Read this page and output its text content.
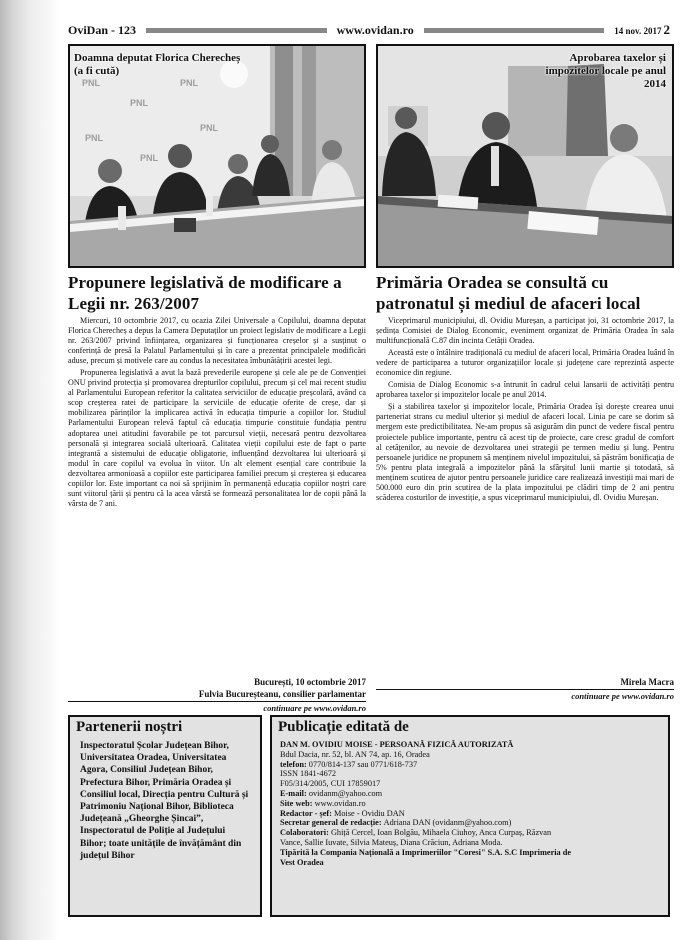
OviDan - 123	www.ovidan.ro	14 nov. 2017 2
PNL
PNL
PNL
PNL
PNL
PNL
Doamna deputat Florica Cherecheș (a fi cută)
Propunere legislativă de modificare a Legii nr. 263/2007

Miercuri, 10 octombrie 2017, cu ocazia Zilei Universale a Copilului, doamna deputat Florica Cherecheș a depus la Camera Deputaților un proiect legislativ de modificare a Legii nr. 263/2007 privind înființarea, organizarea și funcționarea creșelor și a susținut o conferință de presă la Palatul Parlamentului și în care a prezentat principalele modificări aduse, precum și motivele care au condus la necesitatea îmbunătățirii acestei legi.

Propunerea legislativă a avut la bază prevederile europene și cele ale pe de Convenției ONU privind protecția și promovarea drepturilor copilului, precum și cel mai recent studiu al Parlamentului European referitor la calitatea serviciilor de educație preșcolară, având ca scop creșterea ratei de participare la serviciile de educație oferite de creșe, dar și mobilizarea părinților la implicarea activă în educația timpurie a copiilor lor. Studiul Parlamentului European relevă faptul că educația timpurie constituie fundația pentru adoptarea unei atitudini favorabile pe tot parcursul vieții, necesară pentru dezvoltarea personală și integrarea socială ulterioară. Calitatea vieții copilului este de fapt o parte integrantă a sistemului de educație obligatorie, influențând dezvoltarea lui ulterioară și modul în care copilul va evolua în viitor. Un alt element esențial care contribuie la dezvoltarea armonioasă a copiilor este participarea familiei precum și creșterea și educarea copiilor lor. Este important ca noi să sprijinim în permanență educația copiilor noștri care sunt viitorul țării și pentru că la acea vârstă se formează personalitatea lor de copii până la vârsta de 7 ani.

București, 10 octombrie 2017
Fulvia Bucureșteanu, consilier parlamentar
continuare pe www.ovidan.ro
Aprobarea taxelor și impozitelor locale pe anul 2014
Primăria Oradea se consultă cu patronatul și mediul de afaceri local

Viceprimarul municipiului, dl. Ovidiu Mureșan, a participat joi, 31 octombrie 2017, la ședința Comisiei de Dialog Economic, eveniment organizat de Primăria Oradea în sala multifuncțională C.87 din incinta Cetății Oradea.

Această este o întâlnire tradițională cu mediul de afaceri local, Primăria Oradea luând în vedere de participarea a tuturor organizațiilor locale și județene care reprezintă aspecte economice din regiune.

Comisia de Dialog Economic s-a întrunit în cadrul celui lansarii de activități pentru aprobarea taxelor și impozitelor locale pe anul 2014.

Și a stabilirea taxelor și impozitelor locale, Primăria Oradea își dorește crearea unui parteneriat strans cu mediul ulterior și mediul de afaceri local. Linia pe care se dorim să mergem este predictibilitatea. Ne-am propus să asigurăm din punct de vedere fiscal pentru proiectele publice importante, pentru că acest tip de proiecte, care cresc gradul de comfort al cetățenilor, au nevoie de dezvoltarea unei strategii pe termen mediu și lung. Pentru persoanele juridice ne propunem să menținem nivelul impozitului, să păstrăm bonificația de 5% pentru plata integrală a impozitelor până la sfârșitul lunii martie și totodată, să menținem scutirea de ajutor pentru persoanele juridice care realizează investiții mai mari de 500.000 euro din prin scutirea de la plata impozitului pe clădiri timp de 2 ani pentru scăderea costurilor de investiție, a spus viceprimarul municipiului, dl. Ovidiu Mureșan.

Mirela Macra
continuare pe www.ovidan.ro
Partenerii noștri
Inspectoratul Școlar Județean Bihor, Universitatea Oradea, Universitatea Agora, Consiliul Județean Bihor, Prefectura Bihor, Primăria Oradea și Consiliul local, Direcția pentru Cultură și Patrimoniu Național Bihor, Biblioteca Județeană „Gheorghe Șincai”, Inspectoratul de Poliție al Județului Bihor; toate unitățile de învățământ din județul Bihor
Publicație editată de
DAN M. OVIDIU MOISE - PERSOANĂ FIZICĂ AUTORIZATĂ
Bdul Dacia, nr. 52, bl. AN 74, ap. 16, Oradea
telefon: 0770/814-137 sau 0771/618-737
ISSN 1841-4672
F05/314/2005, CUI 17859017
E-mail: ovidanm@yahoo.com
Site web: www.ovidan.ro
Redactor - șef: Moise - Ovidiu DAN
Secretar general de redacție: Adriana DAN (ovidanm@yahoo.com)
Colaboratori: Ghiță Cercel, Ioan Bolgău, Mihaela Ciuhoy, Anca Curpaș, Răzvan
Vance, Sallie Iuvate, Silvia Mateuș, Diana Crăciun, Adriana Moda.
Tipărită la Compania Națională a Imprimeriilor "Coresi" S.A. S.C Imprimeria de
Vest Oradea
